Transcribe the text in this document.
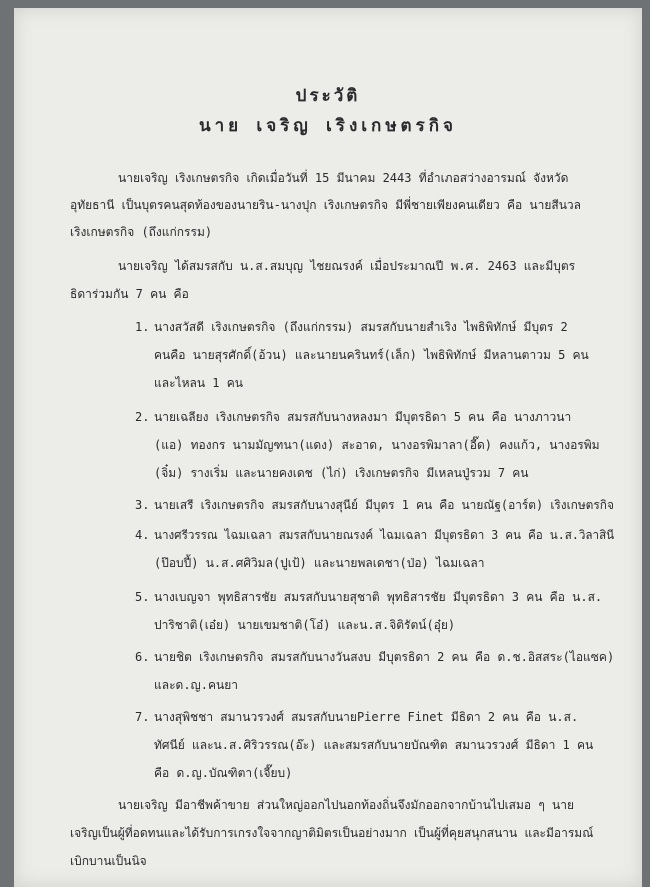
ประวัติ
นาย เจริญ เริงเกษตรกิจ
นายเจริญ เริงเกษตรกิจ เกิดเมื่อวันที่ 15 มีนาคม 2443 ที่อำเภอสว่างอารมณ์ จังหวัด
อุทัยธานี เป็นบุตรคนสุดท้องของนายริน-นางปุก เริงเกษตรกิจ มีพี่ชายเพียงคนเดียว คือ นายสีนวล
เริงเกษตรกิจ (ถึงแก่กรรม)
นายเจริญ ได้สมรสกับ น.ส.สมบุญ ไชยณรงค์ เมื่อประมาณปี พ.ศ. 2463 และมีบุตร
ธิดาร่วมกัน 7 คน คือ
1. นางสวัสดี เริงเกษตรกิจ (ถึงแก่กรรม) สมรสกับนายสำเริง ไพธิพิทักษ์ มีบุตร 2
คนคือ นายสุรศักดิ์(อ้วน) และนายนครินทร์(เล็ก) ไพธิพิทักษ์ มีหลานตาวม 5 คน
และไหลน 1 คน
2. นายเฉลียง เริงเกษตรกิจ สมรสกับนางหลงมา มีบุตรธิดา 5 คน คือ นางภาวนา
(แอ) ทองกร นามมัญฑนา(แดง) สะอาด, นางอรพิมาลา(อี๊ด) คงแก้ว, นางอรพิม
(จิ๋ม) รางเริ่ม และนายคงเดช (ไก่) เริงเกษตรกิจ มีเหลนปู่รวม 7 คน
3. นายเสรี เริงเกษตรกิจ สมรสกับนางสุนีย์ มีบุตร 1 คน คือ นายณัฐ(อาร์ต) เริงเกษตรกิจ
4. นางศรีวรรณ ไฉมเฉลา สมรสกับนายณรงค์ ไฉมเฉลา มีบุตรธิดา 3 คน คือ น.ส.วิลาสินี
(ป๊อบปี้) น.ส.ศศิวิมล(ปูเป้) และนายพลเดชา(ป่อ) ไฉมเฉลา
5. นางเบญจา พุทธิสารชัย สมรสกับนายสุชาติ พุทธิสารชัย มีบุตรธิดา 3 คน คือ น.ส.
ปาริชาติ(เอ๋ย) นายเขมชาติ(โอ๋) และน.ส.จิติรัตน์(อุ๋ย)
6. นายชิต เริงเกษตรกิจ สมรสกับนางวันสงบ มีบุตรธิดา 2 คน คือ ด.ช.อิสสระ(ไอแซค)
และด.ญ.คนยา
7. นางสุพิชชา สมานวรวงศ์ สมรสกับนายPierre Finet มีธิดา 2 คน คือ น.ส.
ทัศนีย์ และน.ส.ศิริวรรณ(อ๊ะ) และสมรสกับนายบัณฑิต สมานวรวงศ์ มีธิดา 1 คน
คือ ด.ญ.บัณฑิตา(เจี๊ยบ)
นายเจริญ มีอาชีพค้าขาย ส่วนใหญ่ออกไปนอกท้องถิ่นจึงมักออกจากบ้านไปเสมอ ๆ นาย
เจริญเป็นผู้ที่อดทนและได้รับการเกรงใจจากญาติมิตรเป็นอย่างมาก เป็นผู้ที่คุยสนุกสนาน และมีอารมณ์
เบิกบานเป็นนิจ
